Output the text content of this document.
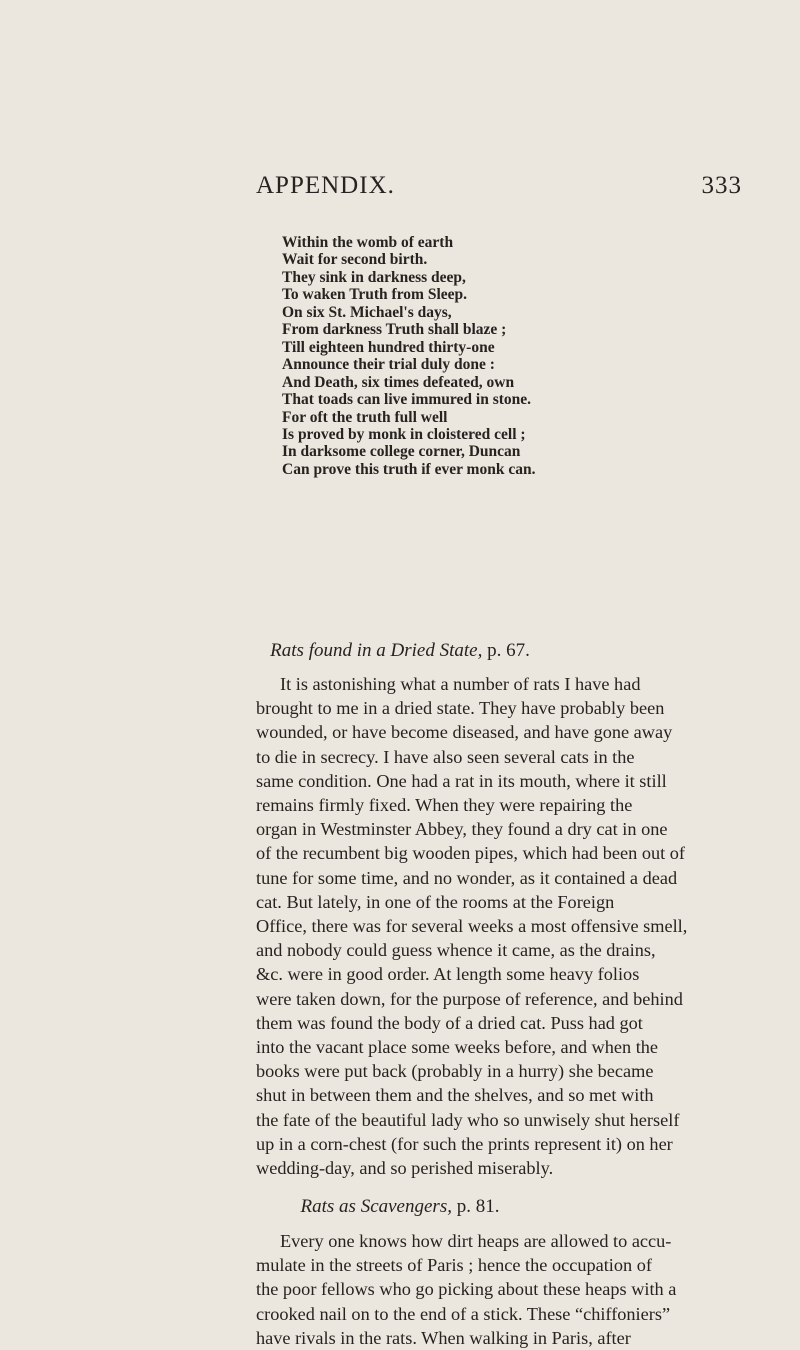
APPENDIX.	333
Within the womb of earth
Wait for second birth.
They sink in darkness deep,
To waken Truth from Sleep.
On six St. Michael's days,
From darkness Truth shall blaze ;
Till eighteen hundred thirty-one
Announce their trial duly done :
And Death, six times defeated, own
That toads can live immured in stone.
For oft the truth full well
Is proved by monk in cloistered cell ;
In darksome college corner, Duncan
Can prove this truth if ever monk can.
Rats found in a Dried State, p. 67.
It is astonishing what a number of rats I have had
brought to me in a dried state. They have probably been
wounded, or have become diseased, and have gone away
to die in secrecy. I have also seen several cats in the
same condition. One had a rat in its mouth, where it still
remains firmly fixed. When they were repairing the
organ in Westminster Abbey, they found a dry cat in one
of the recumbent big wooden pipes, which had been out of
tune for some time, and no wonder, as it contained a dead
cat. But lately, in one of the rooms at the Foreign
Office, there was for several weeks a most offensive smell,
and nobody could guess whence it came, as the drains,
&c. were in good order. At length some heavy folios
were taken down, for the purpose of reference, and behind
them was found the body of a dried cat. Puss had got
into the vacant place some weeks before, and when the
books were put back (probably in a hurry) she became
shut in between them and the shelves, and so met with
the fate of the beautiful lady who so unwisely shut herself
up in a corn-chest (for such the prints represent it) on her
wedding-day, and so perished miserably.
Rats as Scavengers, p. 81.
Every one knows how dirt heaps are allowed to accu-
mulate in the streets of Paris ; hence the occupation of
the poor fellows who go picking about these heaps with a
crooked nail on to the end of a stick. These “chiffoniers”
have rivals in the rats. When walking in Paris, after
